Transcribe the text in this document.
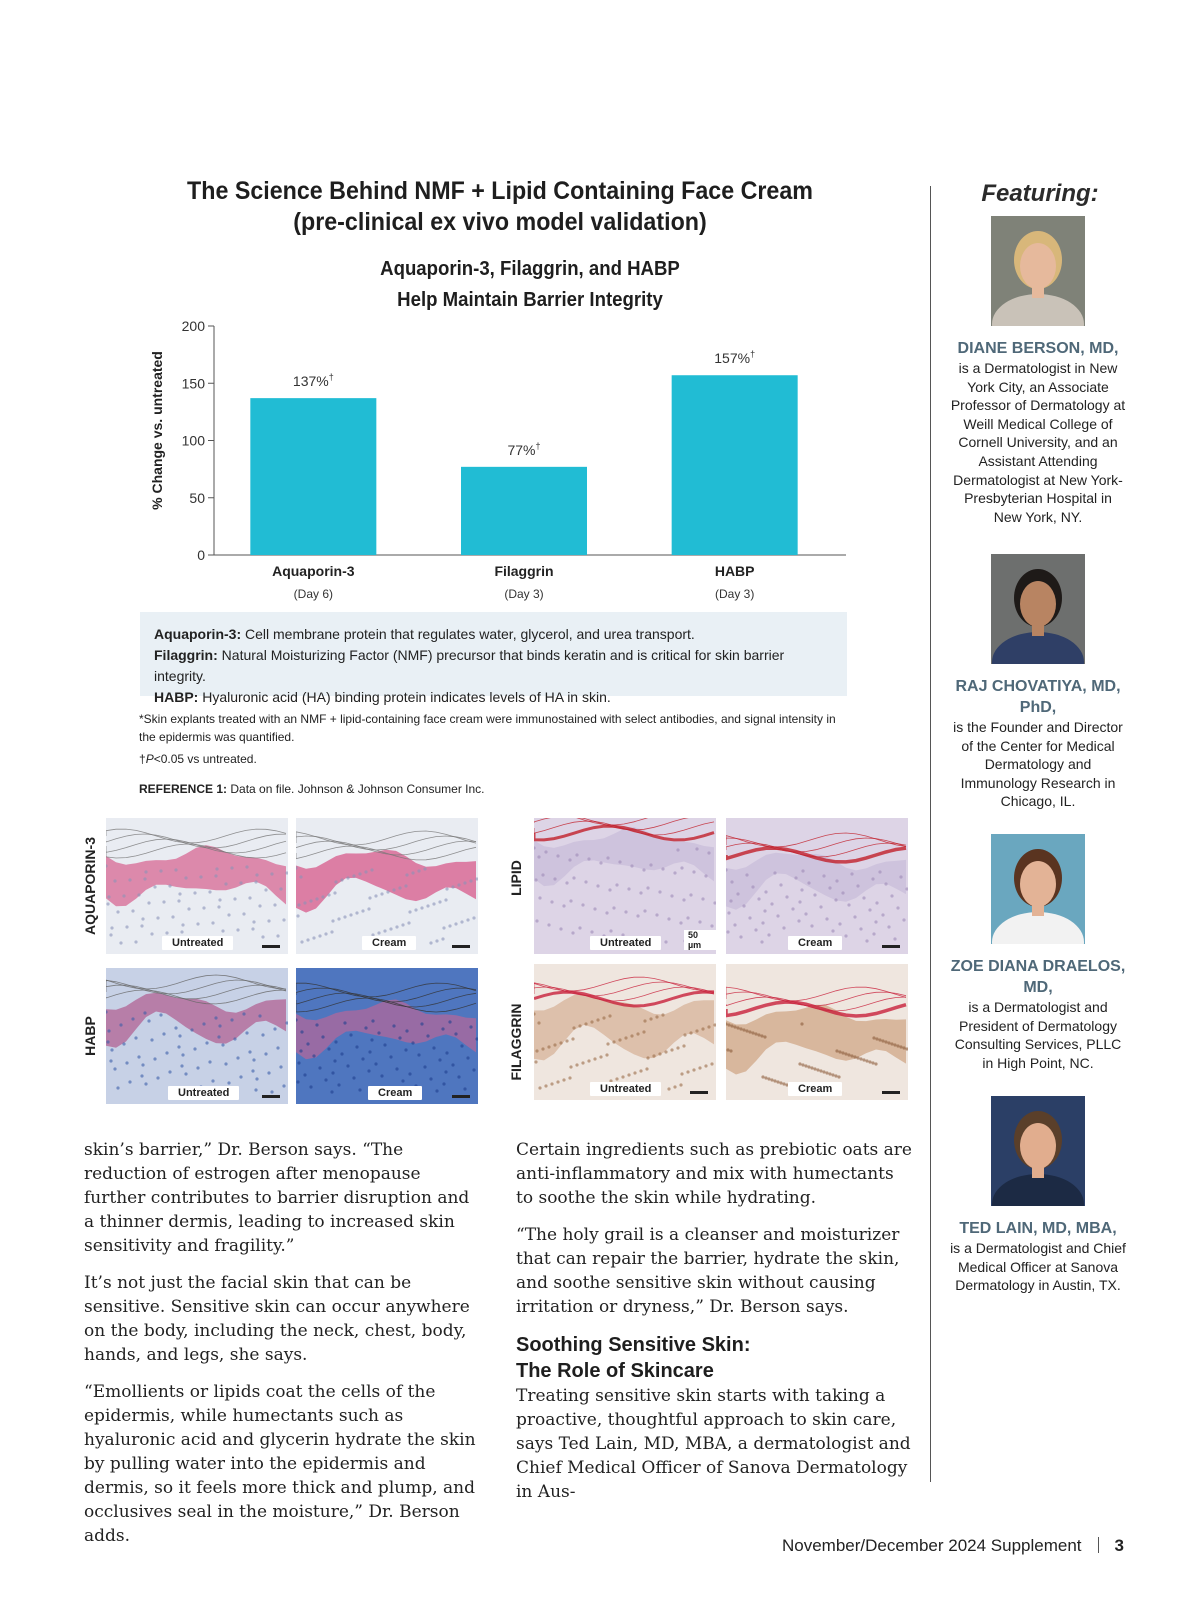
The Science Behind NMF + Lipid Containing Face Cream
(pre-clinical ex vivo model validation)
Aquaporin-3, Filaggrin, and HABP
Help Maintain Barrier Integrity
0
50
100
150
200
% Change vs. untreated	137%†
Aquaporin-3
(Day 6)
77%†
Filaggrin
(Day 3)
157%†
HABP
(Day 3)
Aquaporin-3: Cell membrane protein that regulates water, glycerol, and urea transport.
Filaggrin: Natural Moisturizing Factor (NMF) precursor that binds keratin and is critical for skin barrier integrity.
HABP: Hyaluronic acid (HA) binding protein indicates levels of HA in skin.
*Skin explants treated with an NMF + lipid-containing face cream were immunostained with select antibodies, and signal intensity in the epidermis was quantified.
†P<0.05 vs untreated.
REFERENCE 1: Data on file. Johnson & Johnson Consumer Inc.
AQUAPORIN-3
HABP
LIPID
FILAGGRIN
Untreated	Cream
Untreated	Cream
Untreated
50 µm	Cream
Untreated	Cream

skin’s barrier,” Dr. Berson says. “The reduction of estrogen after menopause further contributes to barrier disruption and a thinner dermis, leading to increased skin sensitivity and fragility.”

It’s not just the facial skin that can be sensitive. Sensitive skin can occur anywhere on the body, including the neck, chest, body, hands, and legs, she says.

“Emollients or lipids coat the cells of the epidermis, while humectants such as hyaluronic acid and glycerin hydrate the skin by pulling water into the epidermis and dermis, so it feels more thick and plump, and occlusives seal in the moisture,” Dr. Berson adds.

Certain ingredients such as prebiotic oats are anti-inflammatory and mix with humectants to soothe the skin while hydrating.

“The holy grail is a cleanser and moisturizer that can repair the barrier, hydrate the skin, and soothe sensitive skin without causing irritation or dryness,” Dr. Berson says.

Soothing Sensitive Skin:
The Role of Skincare

Treating sensitive skin starts with taking a proactive, thoughtful approach to skin care, says Ted Lain, MD, MBA, a dermatologist and Chief Medical Officer of Sanova Dermatology in Aus-

Featuring:
DIANE BERSON, MD,
is a Dermatologist in New York City, an Associate Professor of Dermatology at Weill Medical College of Cornell University, and an Assistant Attending Dermatologist at New York-Presbyterian Hospital in New York, NY.
RAJ CHOVATIYA, MD, PhD,
is the Founder and Director of the Center for Medical Dermatology and Immunology Research in Chicago, IL.
ZOE DIANA DRAELOS, MD,
is a Dermatologist and President of Dermatology Consulting Services, PLLC in High Point, NC.
TED LAIN, MD, MBA,
is a Dermatologist and Chief Medical Officer at Sanova Dermatology in Austin, TX.
November/December 2024 Supplement 3
